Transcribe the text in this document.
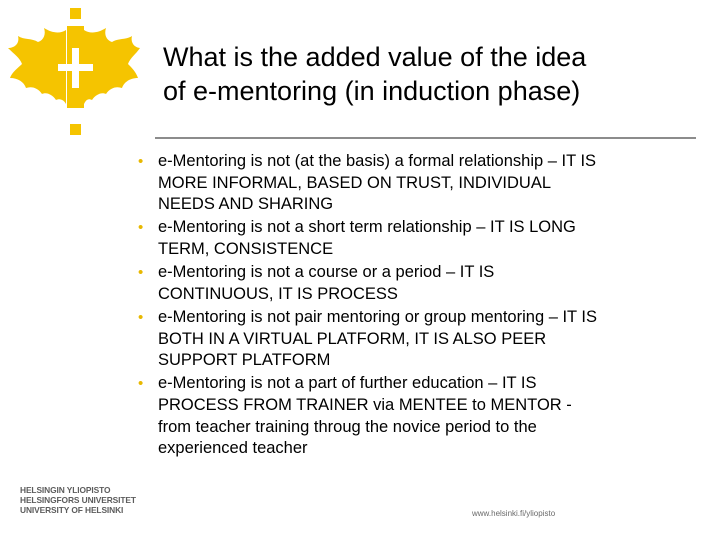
What is the added value of the idea
of e-mentoring (in induction phase)
• e-Mentoring is not (at the basis) a formal relationship – IT IS
MORE INFORMAL, BASED ON TRUST, INDIVIDUAL
NEEDS AND SHARING
• e-Mentoring is not a short term relationship – IT IS LONG
TERM, CONSISTENCE
• e-Mentoring is not a course or a period – IT IS
CONTINUOUS, IT IS PROCESS
• e-Mentoring is not pair mentoring or group mentoring – IT IS
BOTH IN A VIRTUAL PLATFORM, IT IS ALSO PEER
SUPPORT PLATFORM
• e-Mentoring is not a part of further education – IT IS
PROCESS FROM TRAINER via MENTEE to MENTOR -
from teacher training throug the novice period to the
experienced teacher
HELSINGIN YLIOPISTO
HELSINGFORS UNIVERSITET
UNIVERSITY OF HELSINKI	www.helsinki.fi/yliopisto
